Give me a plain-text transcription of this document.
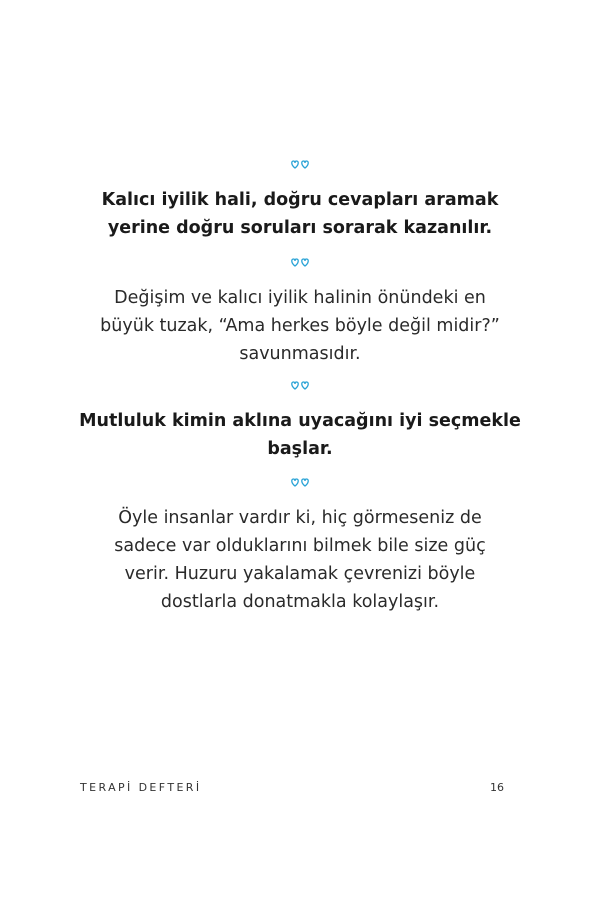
Kalıcı iyilik hali, doğru cevapları aramak
yerine doğru soruları sorarak kazanılır.

Değişim ve kalıcı iyilik halinin önündeki en
büyük tuzak, “Ama herkes böyle değil midir?”
savunmasıdır.

Mutluluk kimin aklına uyacağını iyi seçmekle
başlar.

Öyle insanlar vardır ki, hiç görmeseniz de
sadece var olduklarını bilmek bile size güç
verir. Huzuru yakalamak çevrenizi böyle
dostlarla donatmakla kolaylaşır.

TERAPİ DEFTERİ	16
